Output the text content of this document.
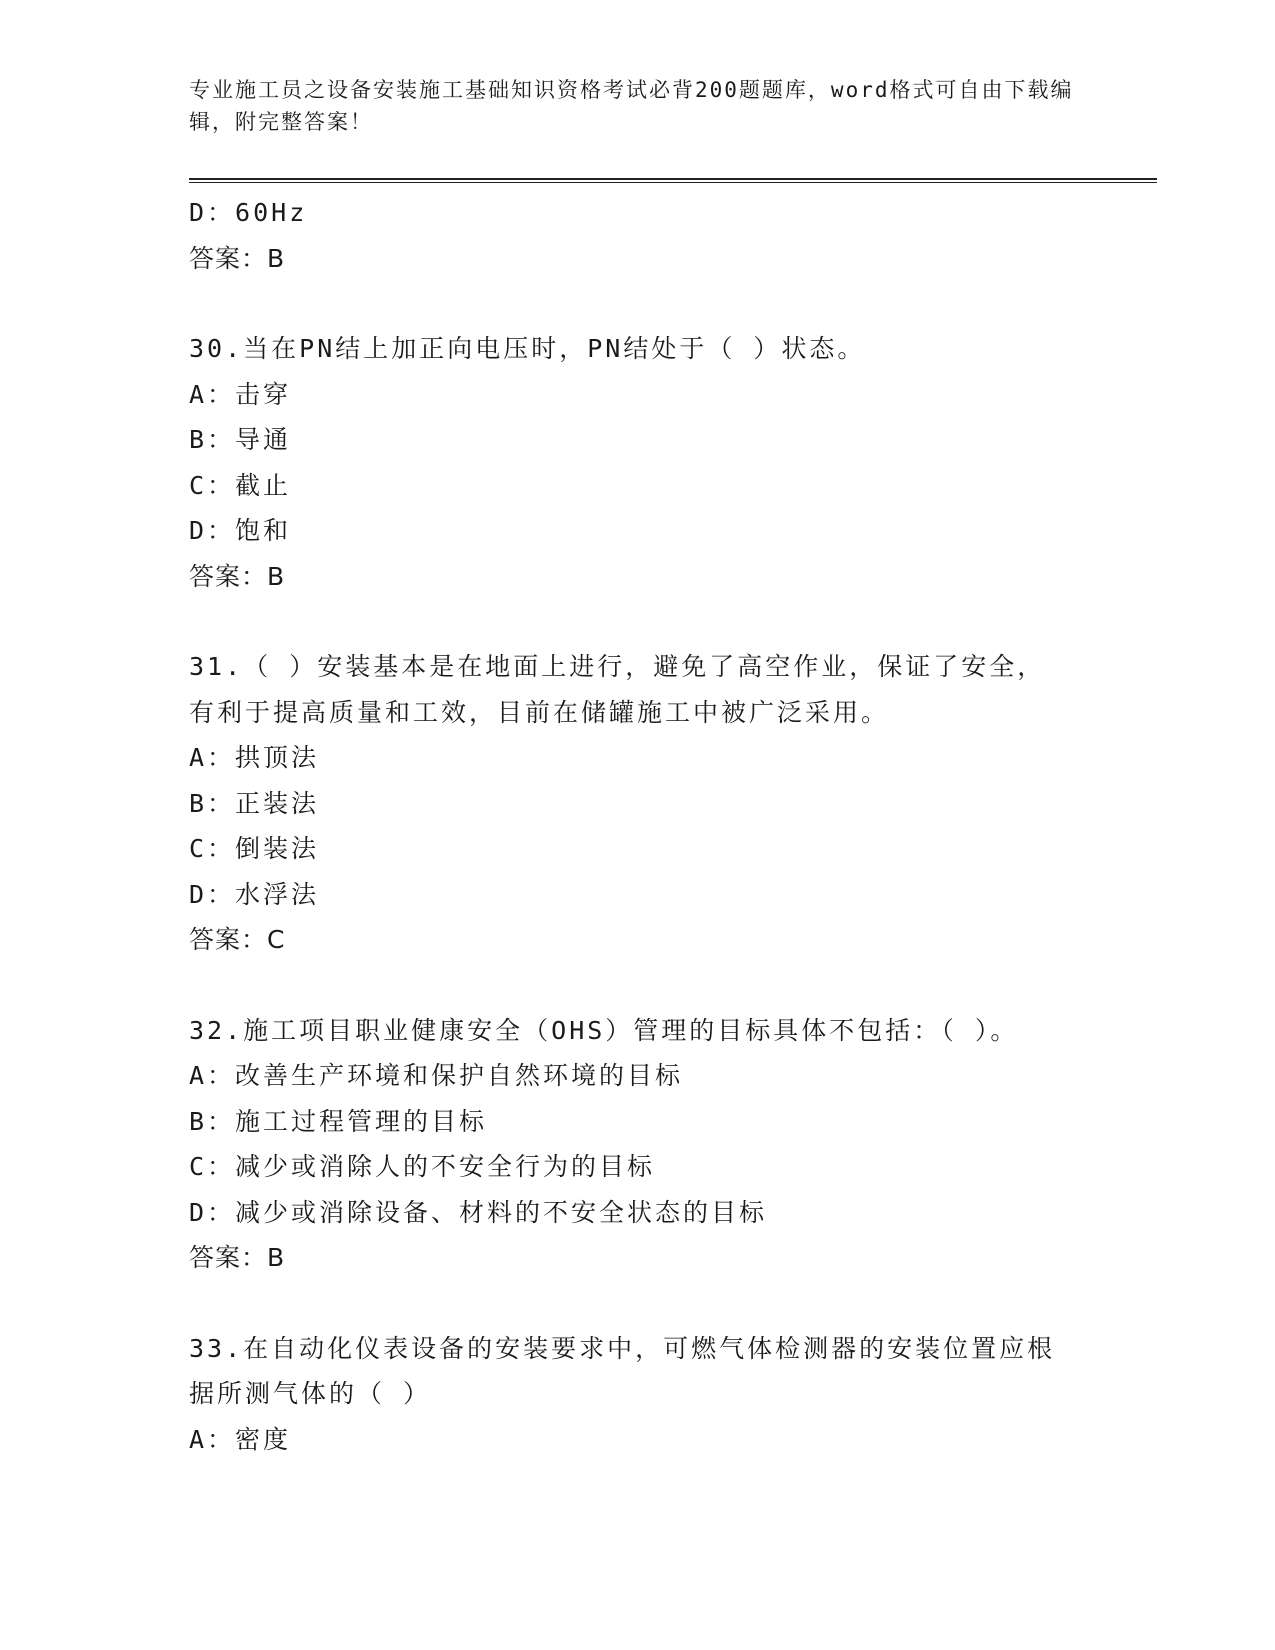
专业施工员之设备安装施工基础知识资格考试必背200题题库，word格式可自由下载编辑，附完整答案！
D：60Hz
答案：B
30.当在PN结上加正向电压时，PN结处于（ ）状态。
A：击穿
B：导通
C：截止
D：饱和
答案：B
31.（ ）安装基本是在地面上进行，避免了高空作业，保证了安全，有利于提高质量和工效，目前在储罐施工中被广泛采用。
A：拱顶法
B：正装法
C：倒装法
D：水浮法
答案：C
32.施工项目职业健康安全（OHS）管理的目标具体不包括：（ ）。
A：改善生产环境和保护自然环境的目标
B：施工过程管理的目标
C：减少或消除人的不安全行为的目标
D：减少或消除设备、材料的不安全状态的目标
答案：B
33.在自动化仪表设备的安装要求中，可燃气体检测器的安装位置应根据所测气体的（ ）
A：密度
